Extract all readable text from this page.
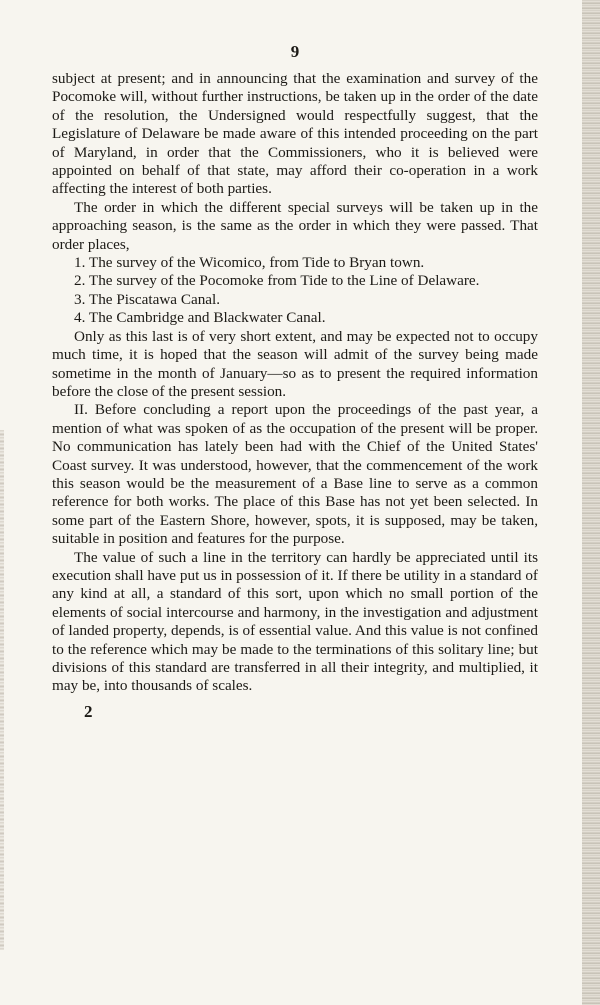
9

subject at present; and in announcing that the examination and survey of the Pocomoke will, without further instructions, be taken up in the order of the date of the resolution, the Undersigned would respectfully suggest, that the Legislature of Delaware be made aware of this intended proceeding on the part of Maryland, in order that the Commissioners, who it is believed were appointed on behalf of that state, may afford their co-operation in a work affecting the interest of both parties.

The order in which the different special surveys will be taken up in the approaching season, is the same as the order in which they were passed. That order places,

1. The survey of the Wicomico, from Tide to Bryan town.

2. The survey of the Pocomoke from Tide to the Line of Delaware.

3. The Piscatawa Canal.

4. The Cambridge and Blackwater Canal.

Only as this last is of very short extent, and may be expected not to occupy much time, it is hoped that the season will admit of the survey being made sometime in the month of January—so as to present the required information before the close of the present session.

II. Before concluding a report upon the proceedings of the past year, a mention of what was spoken of as the occupation of the present will be proper. No communication has lately been had with the Chief of the United States' Coast survey. It was understood, however, that the commencement of the work this season would be the measurement of a Base line to serve as a common reference for both works. The place of this Base has not yet been selected. In some part of the Eastern Shore, however, spots, it is supposed, may be taken, suitable in position and features for the purpose.

The value of such a line in the territory can hardly be appreciated until its execution shall have put us in possession of it. If there be utility in a standard of any kind at all, a standard of this sort, upon which no small portion of the elements of social intercourse and harmony, in the investigation and adjustment of landed property, depends, is of essential value. And this value is not confined to the reference which may be made to the terminations of this solitary line; but divisions of this standard are transferred in all their integrity, and multiplied, it may be, into thousands of scales.

2
